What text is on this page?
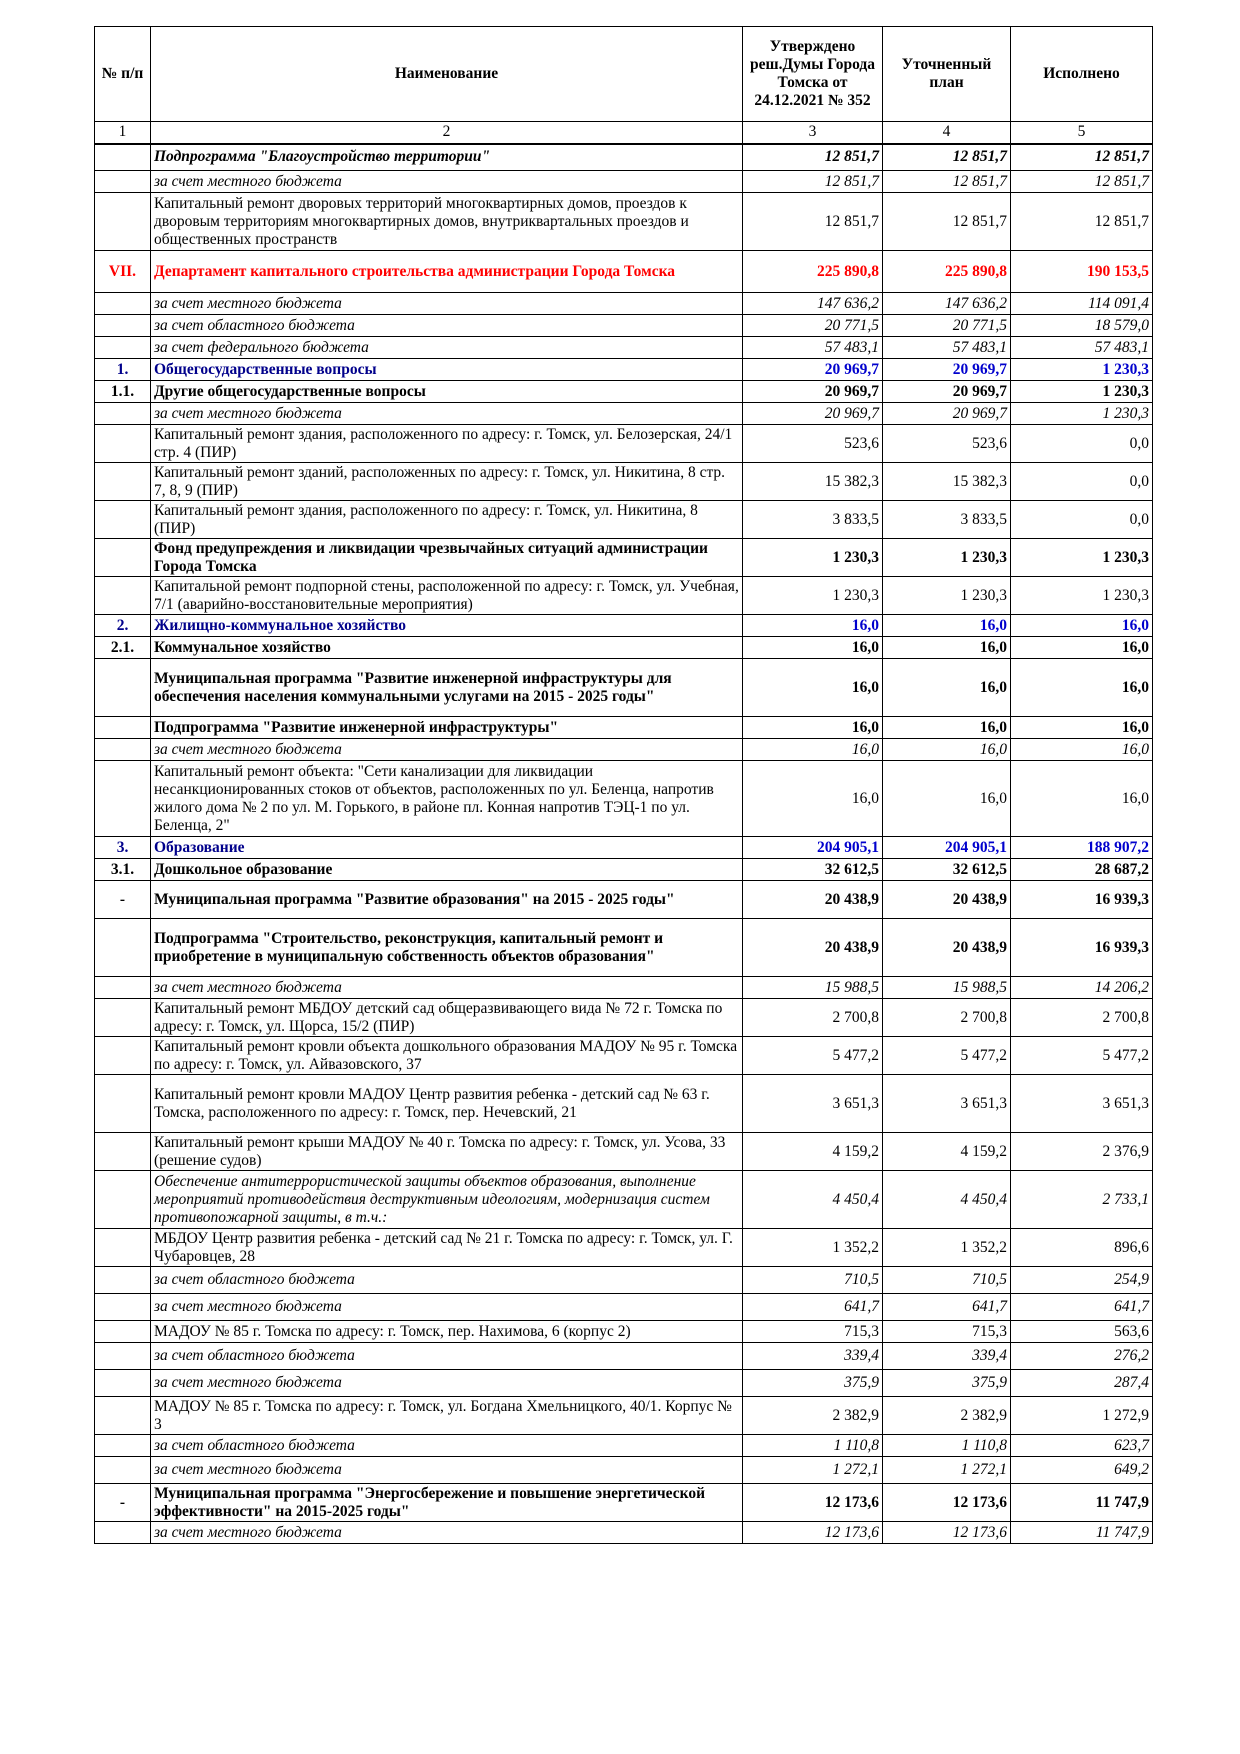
№ п/п	Наименование	Утверждено реш.Думы Города Томска от 24.12.2021 № 352	Уточненный план	Исполнено
1	2	3	4	5
	Подпрограмма "Благоустройство территории"	12 851,7	12 851,7	12 851,7
	за счет местного бюджета	12 851,7	12 851,7	12 851,7
	Капитальный ремонт дворовых территорий многоквартирных домов, проездов к дворовым территориям многоквартирных домов, внутриквартальных проездов и общественных пространств	12 851,7	12 851,7	12 851,7
VII.	Департамент капитального строительства администрации Города Томска	225 890,8	225 890,8	190 153,5
	за счет местного бюджета	147 636,2	147 636,2	114 091,4
	за счет областного бюджета	20 771,5	20 771,5	18 579,0
	за счет федерального бюджета	57 483,1	57 483,1	57 483,1
1.	Общегосударственные вопросы	20 969,7	20 969,7	1 230,3
1.1.	Другие общегосударственные вопросы	20 969,7	20 969,7	1 230,3
	за счет местного бюджета	20 969,7	20 969,7	1 230,3
	Капитальный ремонт здания, расположенного по адресу: г. Томск, ул. Белозерская, 24/1 стр. 4 (ПИР)	523,6	523,6	0,0
	Капитальный ремонт зданий, расположенных по адресу: г. Томск, ул. Никитина, 8 стр. 7, 8, 9 (ПИР)	15 382,3	15 382,3	0,0
	Капитальный ремонт здания, расположенного по адресу: г. Томск, ул. Никитина, 8 (ПИР)	3 833,5	3 833,5	0,0
	Фонд предупреждения и ликвидации чрезвычайных ситуаций администрации Города Томска	1 230,3	1 230,3	1 230,3
	Капитальной ремонт подпорной стены, расположенной по адресу: г. Томск, ул. Учебная, 7/1 (аварийно-восстановительные мероприятия)	1 230,3	1 230,3	1 230,3
2.	Жилищно-коммунальное хозяйство	16,0	16,0	16,0
2.1.	Коммунальное хозяйство	16,0	16,0	16,0
	Муниципальная программа "Развитие инженерной инфраструктуры для обеспечения населения коммунальными услугами на 2015 - 2025 годы"	16,0	16,0	16,0
	Подпрограмма "Развитие инженерной инфраструктуры"	16,0	16,0	16,0
	за счет местного бюджета	16,0	16,0	16,0
	Капитальный ремонт объекта: "Сети канализации для ликвидации несанкционированных стоков от объектов, расположенных по ул. Беленца, напротив жилого дома № 2 по ул. М. Горького, в районе пл. Конная напротив ТЭЦ-1 по ул. Беленца, 2"	16,0	16,0	16,0
3.	Образование	204 905,1	204 905,1	188 907,2
3.1.	Дошкольное образование	32 612,5	32 612,5	28 687,2
-	Муниципальная программа "Развитие образования" на 2015 - 2025 годы"	20 438,9	20 438,9	16 939,3
	Подпрограмма "Строительство, реконструкция, капитальный ремонт и приобретение в муниципальную собственность объектов образования"	20 438,9	20 438,9	16 939,3
	за счет местного бюджета	15 988,5	15 988,5	14 206,2
	Капитальный ремонт МБДОУ детский сад общеразвивающего вида № 72 г. Томска по адресу: г. Томск, ул. Щорса, 15/2 (ПИР)	2 700,8	2 700,8	2 700,8
	Капитальный ремонт кровли объекта дошкольного образования МАДОУ № 95 г. Томска по адресу: г. Томск, ул. Айвазовского, 37	5 477,2	5 477,2	5 477,2
	Капитальный ремонт кровли МАДОУ Центр развития ребенка - детский сад № 63 г. Томска, расположенного по адресу: г. Томск, пер. Нечевский, 21	3 651,3	3 651,3	3 651,3
	Капитальный ремонт крыши МАДОУ № 40 г. Томска по адресу: г. Томск, ул. Усова, 33 (решение судов)	4 159,2	4 159,2	2 376,9
	Обеспечение антитеррористической защиты объектов образования, выполнение мероприятий противодействия деструктивным идеологиям, модернизация систем противопожарной защиты, в т.ч.:	4 450,4	4 450,4	2 733,1
	МБДОУ Центр развития ребенка - детский сад № 21 г. Томска по адресу: г. Томск, ул. Г. Чубаровцев, 28	1 352,2	1 352,2	896,6
	за счет областного бюджета	710,5	710,5	254,9
	за счет местного бюджета	641,7	641,7	641,7
	МАДОУ № 85 г. Томска по адресу: г. Томск, пер. Нахимова, 6 (корпус 2)	715,3	715,3	563,6
	за счет областного бюджета	339,4	339,4	276,2
	за счет местного бюджета	375,9	375,9	287,4
	МАДОУ № 85 г. Томска по адресу: г. Томск, ул. Богдана Хмельницкого, 40/1. Корпус № 3	2 382,9	2 382,9	1 272,9
	за счет областного бюджета	1 110,8	1 110,8	623,7
	за счет местного бюджета	1 272,1	1 272,1	649,2
-	Муниципальная программа "Энергосбережение и повышение энергетической эффективности" на 2015-2025 годы"	12 173,6	12 173,6	11 747,9
	за счет местного бюджета	12 173,6	12 173,6	11 747,9
